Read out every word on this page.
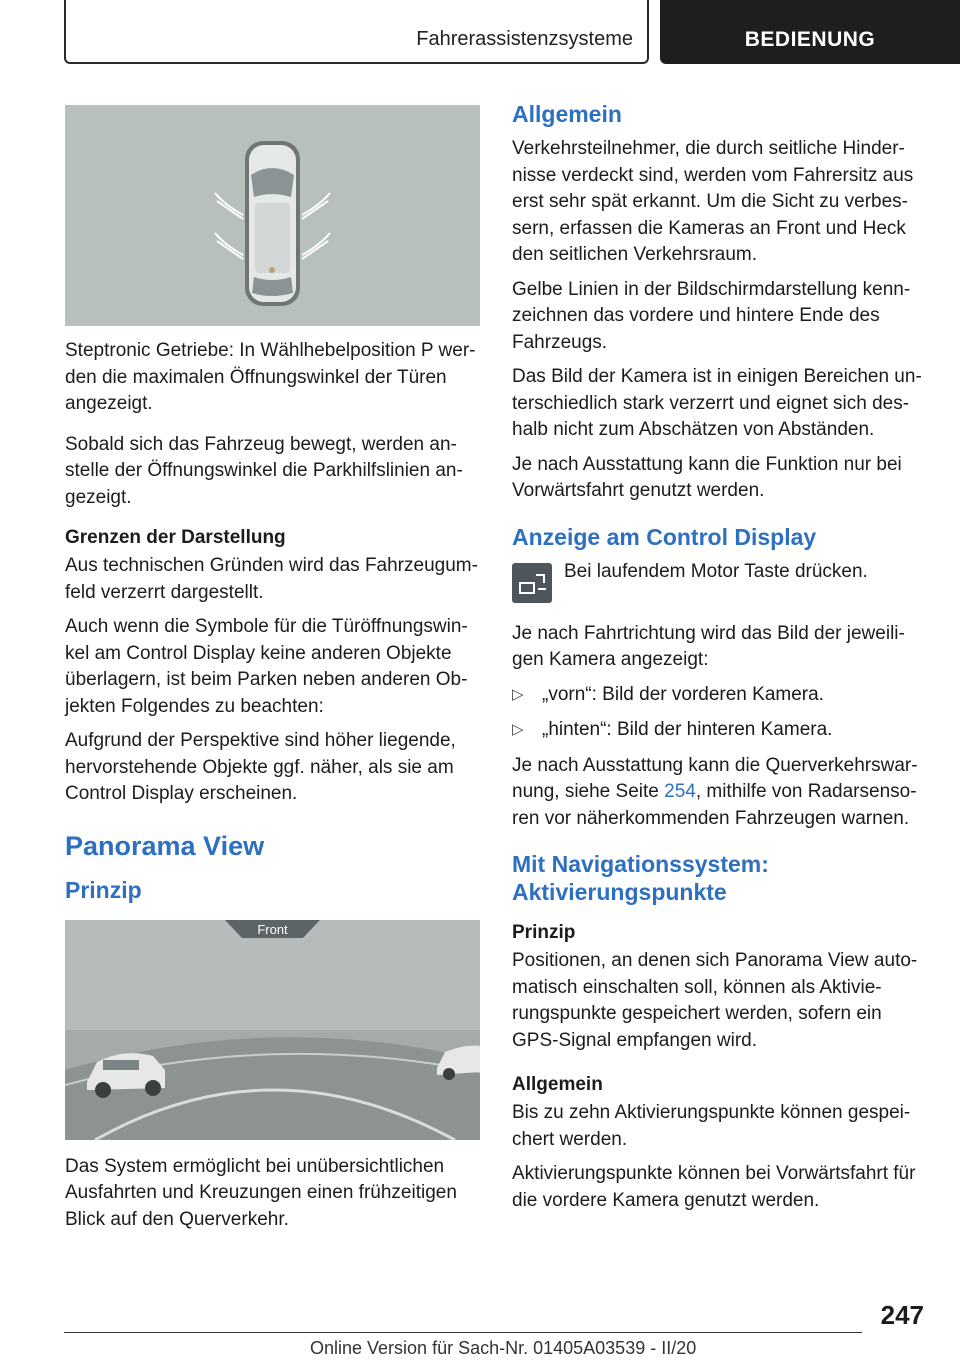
Fahrerassistenzsysteme	BEDIENUNG

Steptronic Getriebe: In Wählhebelposition P wer-den die maximalen Öffnungswinkel der Türen angezeigt.

Sobald sich das Fahrzeug bewegt, werden an-stelle der Öffnungswinkel die Parkhilfslinien an-gezeigt.

Grenzen der Darstellung

Aus technischen Gründen wird das Fahrzeugum-feld verzerrt dargestellt.

Auch wenn die Symbole für die Türöffnungswin-kel am Control Display keine anderen Objekte überlagern, ist beim Parken neben anderen Ob-jekten Folgendes zu beachten:

Aufgrund der Perspektive sind höher liegende, hervorstehende Objekte ggf. näher, als sie am Control Display erscheinen.

Panorama View
Prinzip
Front

Das System ermöglicht bei unübersichtlichen Ausfahrten und Kreuzungen einen frühzeitigen Blick auf den Querverkehr.

Allgemein

Verkehrsteilnehmer, die durch seitliche Hinder-nisse verdeckt sind, werden vom Fahrersitz aus erst sehr spät erkannt. Um die Sicht zu verbes-sern, erfassen die Kameras an Front und Heck den seitlichen Verkehrsraum.

Gelbe Linien in der Bildschirmdarstellung kenn-zeichnen das vordere und hintere Ende des Fahrzeugs.

Das Bild der Kamera ist in einigen Bereichen un-terschiedlich stark verzerrt und eignet sich des-halb nicht zum Abschätzen von Abständen.

Je nach Ausstattung kann die Funktion nur bei Vorwärtsfahrt genutzt werden.

Anzeige am Control Display

Bei laufendem Motor Taste drücken.

Je nach Fahrtrichtung wird das Bild der jeweili-gen Kamera angezeigt:

▷ „vorn“: Bild der vorderen Kamera.
▷ „hinten“: Bild der hinteren Kamera.

Je nach Ausstattung kann die Querverkehrswar-nung, siehe Seite 254, mithilfe von Radarsenso-ren vor näherkommenden Fahrzeugen warnen.

Mit Navigationssystem: Aktivierungspunkte
Prinzip

Positionen, an denen sich Panorama View auto-matisch einschalten soll, können als Aktivie-rungspunkte gespeichert werden, sofern ein GPS-Signal empfangen wird.

Allgemein

Bis zu zehn Aktivierungspunkte können gespei-chert werden.

Aktivierungspunkte können bei Vorwärtsfahrt für die vordere Kamera genutzt werden.

247
Online Version für Sach-Nr. 01405A03539 - II/20
